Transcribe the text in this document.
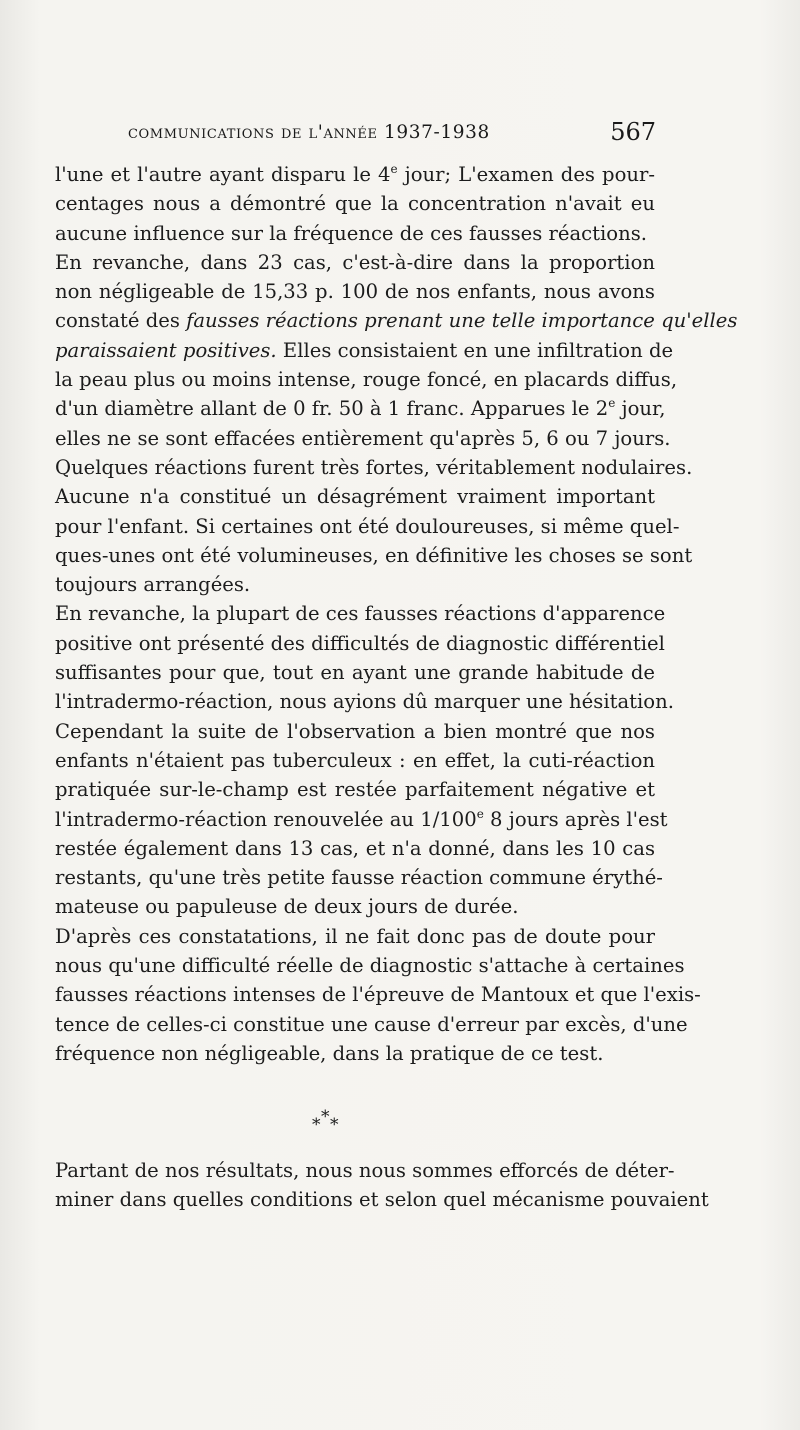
communications de l'année 1937-1938	567
l'une et l'autre ayant disparu le 4e jour; L'examen des pour-
centages nous a démontré que la concentration n'avait eu
aucune influence sur la fréquence de ces fausses réactions.
En revanche, dans 23 cas, c'est-à-dire dans la proportion
non négligeable de 15,33 p. 100 de nos enfants, nous avons
constaté des fausses réactions prenant une telle importance qu'elles
paraissaient positives. Elles consistaient en une infiltration de
la peau plus ou moins intense, rouge foncé, en placards diffus,
d'un diamètre allant de 0 fr. 50 à 1 franc. Apparues le 2e jour,
elles ne se sont effacées entièrement qu'après 5, 6 ou 7 jours.
Quelques réactions furent très fortes, véritablement nodulaires.
Aucune n'a constitué un désagrément vraiment important
pour l'enfant. Si certaines ont été douloureuses, si même quel-
ques-unes ont été volumineuses, en définitive les choses se sont
toujours arrangées.
En revanche, la plupart de ces fausses réactions d'apparence
positive ont présenté des difficultés de diagnostic différentiel
suffisantes pour que, tout en ayant une grande habitude de
l'intradermo-réaction, nous ayions dû marquer une hésitation.
Cependant la suite de l'observation a bien montré que nos
enfants n'étaient pas tuberculeux : en effet, la cuti-réaction
pratiquée sur-le-champ est restée parfaitement négative et
l'intradermo-réaction renouvelée au 1/100e 8 jours après l'est
restée également dans 13 cas, et n'a donné, dans les 10 cas
restants, qu'une très petite fausse réaction commune érythé-
mateuse ou papuleuse de deux jours de durée.
D'après ces constatations, il ne fait donc pas de doute pour
nous qu'une difficulté réelle de diagnostic s'attache à certaines
fausses réactions intenses de l'épreuve de Mantoux et que l'exis-
tence de celles-ci constitue une cause d'erreur par excès, d'une
fréquence non négligeable, dans la pratique de ce test.
*
* *
Partant de nos résultats, nous nous sommes efforcés de déter-
miner dans quelles conditions et selon quel mécanisme pouvaient
